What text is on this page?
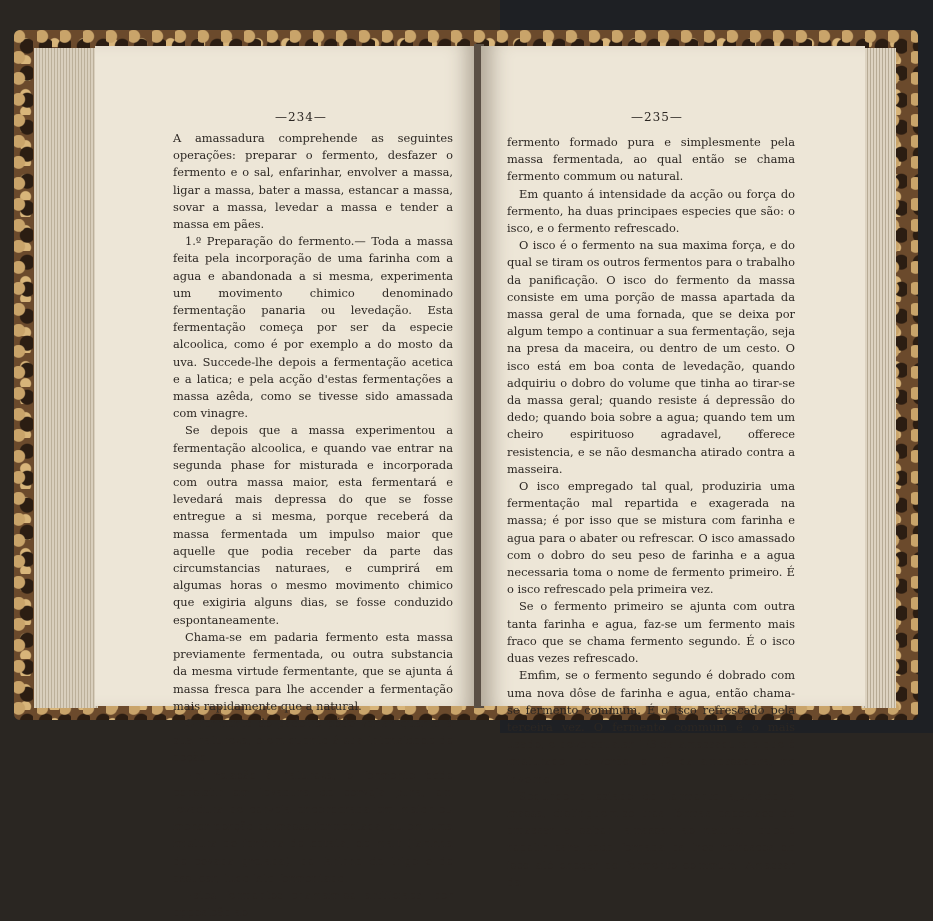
—234—

A amassadura comprehende as seguintes operações: preparar o fermento, desfazer o fermento e o sal, enfarinhar, envolver a massa, ligar a massa, bater a massa, estancar a massa, sovar a massa, levedar a massa e tender a massa em pães.

1.º Preparação do fermento.— Toda a massa feita pela incorporação de uma farinha com a agua e abandonada a si mesma, experimenta um movimento chimico denominado fermentação panaria ou levedação. Esta fermentação começa por ser da especie alcoolica, como é por exemplo a do mosto da uva. Succede-lhe depois a fermentação acetica e a latica; e pela acção d'estas fermentações a massa azêda, como se tivesse sido amassada com vinagre.

Se depois que a massa experimentou a fermentação alcoolica, e quando vae entrar na segunda phase for misturada e incorporada com outra massa maior, esta fermentará e levedará mais depressa do que se fosse entregue a si mesma, porque receberá da massa fermentada um impulso maior que aquelle que podia receber da parte das circumstancias naturaes, e cumprirá em algumas horas o mesmo movimento chimico que exigiria alguns dias, se fosse conduzido espontaneamente.

Chama-se em padaria fermento esta massa previamente fermentada, ou outra substancia da mesma virtude fermentante, que se ajunta á massa fresca para lhe accender a fermentação mais rapidamente que a natural.

O fermento do padeiro póde variar quanto á sua natureza, e em quanto á sua intensidade de acção.

Em relação á natureza, o fermento póde consistir em levadura de cerveja pura, em levadura de cerveja encorporada em maior ou menor porção de massa fermentada, ou em uma mistura de farinha de batata, de malt (farinha de cevada grelada), de farinha de trigo e de assucar, tudo isto fermentado.

Estes fermentos chamam-se artificiaes, por opposição ao

—235—

fermento formado pura e simplesmente pela massa fermentada, ao qual então se chama fermento commum ou natural.

Em quanto á intensidade da acção ou força do fermento, ha duas principaes especies que são: o isco, e o fermento refrescado.

O isco é o fermento na sua maxima força, e do qual se tiram os outros fermentos para o trabalho da panificação. O isco do fermento da massa consiste em uma porção de massa apartada da massa geral de uma fornada, que se deixa por algum tempo a continuar a sua fermentação, seja na presa da maceira, ou dentro de um cesto. O isco está em boa conta de levedação, quando adquiriu o dobro do volume que tinha ao tirar-se da massa geral; quando resiste á depressão do dedo; quando boia sobre a agua; quando tem um cheiro espirituoso agradavel, offerece resistencia, e se não desmancha atirado contra a masseira.

O isco empregado tal qual, produziria uma fermentação mal repartida e exagerada na massa; é por isso que se mistura com farinha e agua para o abater ou refrescar. O isco amassado com o dobro do seu peso de farinha e a agua necessaria toma o nome de fermento primeiro. É o isco refrescado pela primeira vez.

Se o fermento primeiro se ajunta com outra tanta farinha e agua, faz-se um fermento mais fraco que se chama fermento segundo. É o isco duas vezes refrescado.

Emfim, se o fermento segundo é dobrado com uma nova dôse de farinha e agua, então chama-se fermento commum. É o isco refrescado pela terceira vez. O fermento commum é o mais usado, e deve egualar 1/3 da amassadura a que é misturado, no verão, e 1/2 da amassadura, no inverno.

Segundo o estado do fermento ajuntado á massa, distinguem-se tres fórmas especiaes de amassar a saber: amassar ao natural, que é repetir para cada fornada os tres refrescos do isco até chegar ao fermento commum. Amassar da
